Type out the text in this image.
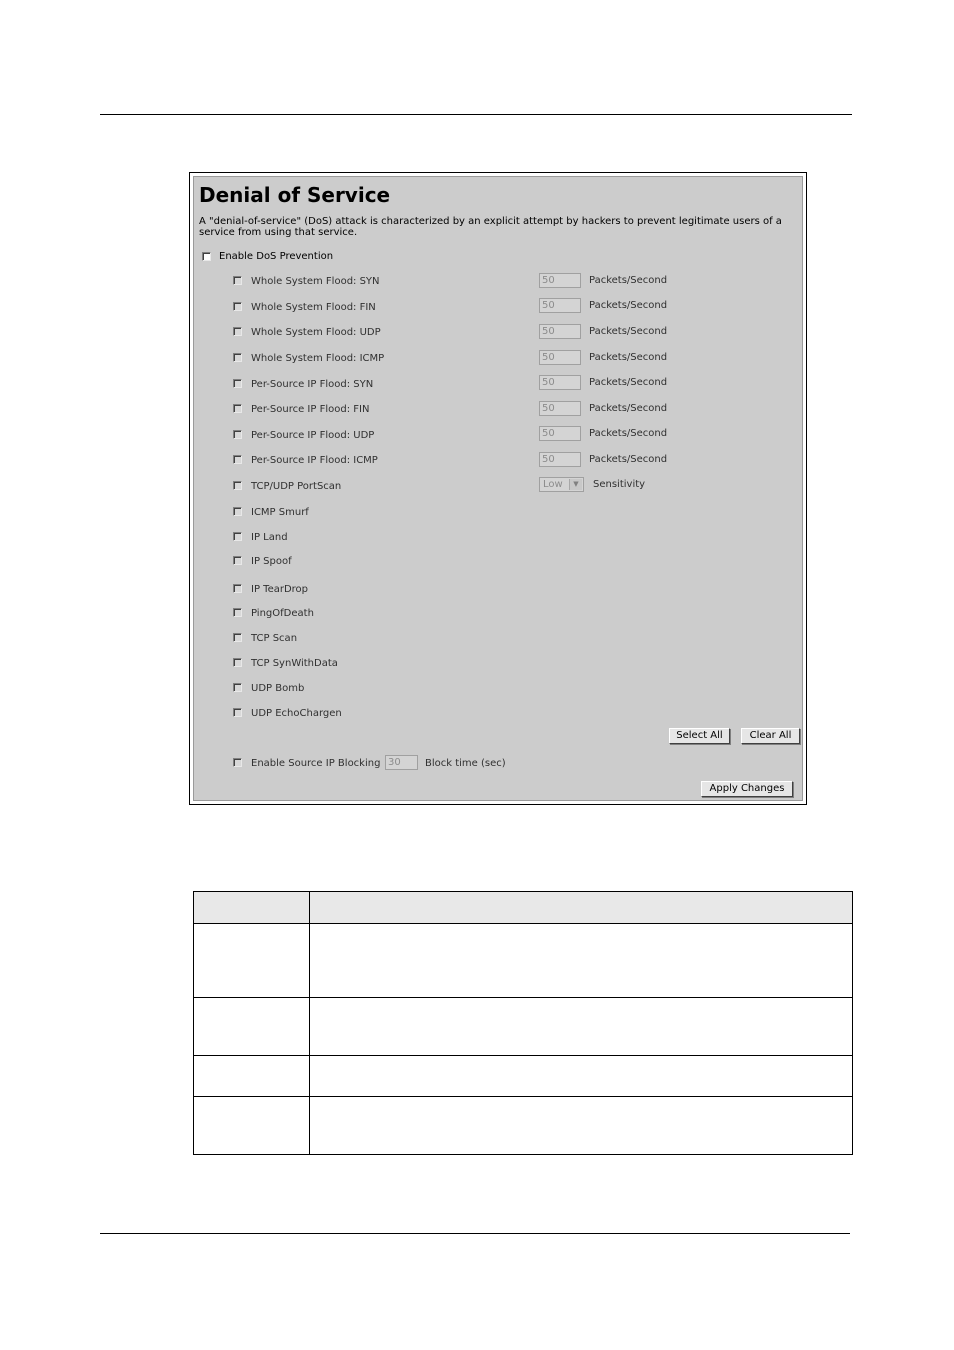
Denial of Service

A "denial-of-service" (DoS) attack is characterized by an explicit attempt by hackers to prevent legitimate users of a service from using that service.

Enable DoS Prevention
Whole System Flood: SYN	50	Packets/Second
Whole System Flood: FIN	50	Packets/Second
Whole System Flood: UDP	50	Packets/Second
Whole System Flood: ICMP	50	Packets/Second
Per-Source IP Flood: SYN	50	Packets/Second
Per-Source IP Flood: FIN	50	Packets/Second
Per-Source IP Flood: UDP	50	Packets/Second
Per-Source IP Flood: ICMP	50	Packets/Second
TCP/UDP PortScan	Low	▼	Sensitivity
ICMP Smurf
IP Land
IP Spoof
IP TearDrop
PingOfDeath
TCP Scan
TCP SynWithData
UDP Bomb
UDP EchoChargen
Select All	Clear All
Enable Source IP Blocking 30	Block time (sec)
Apply Changes
